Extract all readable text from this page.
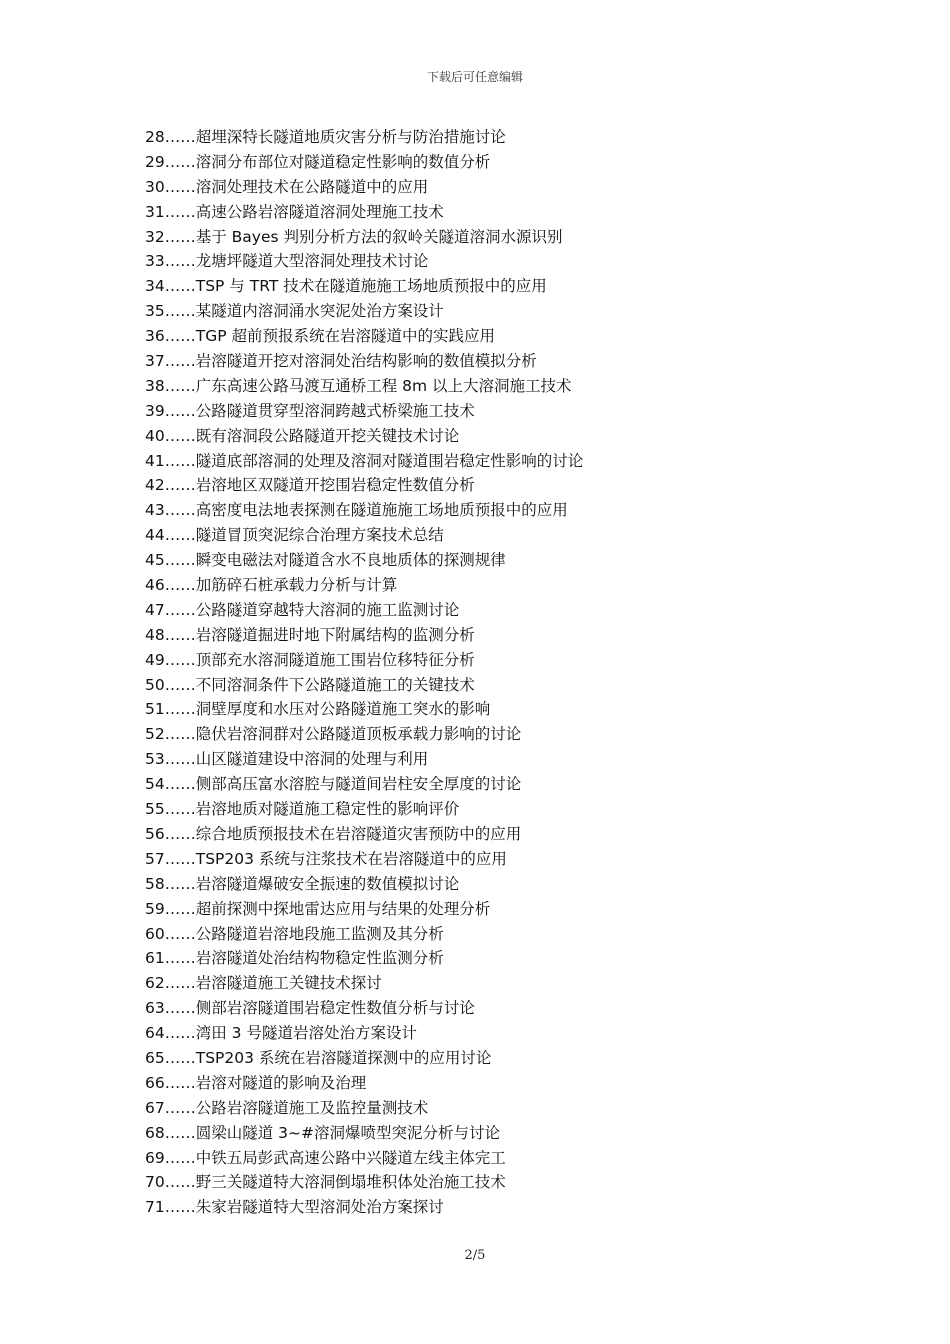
下载后可任意编辑
28……超埋深特长隧道地质灾害分析与防治措施讨论
29……溶洞分布部位对隧道稳定性影响的数值分析
30……溶洞处理技术在公路隧道中的应用
31……高速公路岩溶隧道溶洞处理施工技术
32……基于 Bayes 判别分析方法的叙岭关隧道溶洞水源识别
33……龙塘坪隧道大型溶洞处理技术讨论
34……TSP 与 TRT 技术在隧道施施工场地质预报中的应用
35……某隧道内溶洞涌水突泥处治方案设计
36……TGP 超前预报系统在岩溶隧道中的实践应用
37……岩溶隧道开挖对溶洞处治结构影响的数值模拟分析
38……广东高速公路马渡互通桥工程 8m 以上大溶洞施工技术
39……公路隧道贯穿型溶洞跨越式桥梁施工技术
40……既有溶洞段公路隧道开挖关键技术讨论
41……隧道底部溶洞的处理及溶洞对隧道围岩稳定性影响的讨论
42……岩溶地区双隧道开挖围岩稳定性数值分析
43……高密度电法地表探测在隧道施施工场地质预报中的应用
44……隧道冒顶突泥综合治理方案技术总结
45……瞬变电磁法对隧道含水不良地质体的探测规律
46……加筋碎石桩承载力分析与计算
47……公路隧道穿越特大溶洞的施工监测讨论
48……岩溶隧道掘进时地下附属结构的监测分析
49……顶部充水溶洞隧道施工围岩位移特征分析
50……不同溶洞条件下公路隧道施工的关键技术
51……洞壁厚度和水压对公路隧道施工突水的影响
52……隐伏岩溶洞群对公路隧道顶板承载力影响的讨论
53……山区隧道建设中溶洞的处理与利用
54……侧部高压富水溶腔与隧道间岩柱安全厚度的讨论
55……岩溶地质对隧道施工稳定性的影响评价
56……综合地质预报技术在岩溶隧道灾害预防中的应用
57……TSP203 系统与注浆技术在岩溶隧道中的应用
58……岩溶隧道爆破安全振速的数值模拟讨论
59……超前探测中探地雷达应用与结果的处理分析
60……公路隧道岩溶地段施工监测及其分析
61……岩溶隧道处治结构物稳定性监测分析
62……岩溶隧道施工关键技术探讨
63……侧部岩溶隧道围岩稳定性数值分析与讨论
64……湾田 3 号隧道岩溶处治方案设计
65……TSP203 系统在岩溶隧道探测中的应用讨论
66……岩溶对隧道的影响及治理
67……公路岩溶隧道施工及监控量测技术
68……圆梁山隧道 3~#溶洞爆喷型突泥分析与讨论
69……中铁五局彭武高速公路中兴隧道左线主体完工
70……野三关隧道特大溶洞倒塌堆积体处治施工技术
71……朱家岩隧道特大型溶洞处治方案探讨
2/5
